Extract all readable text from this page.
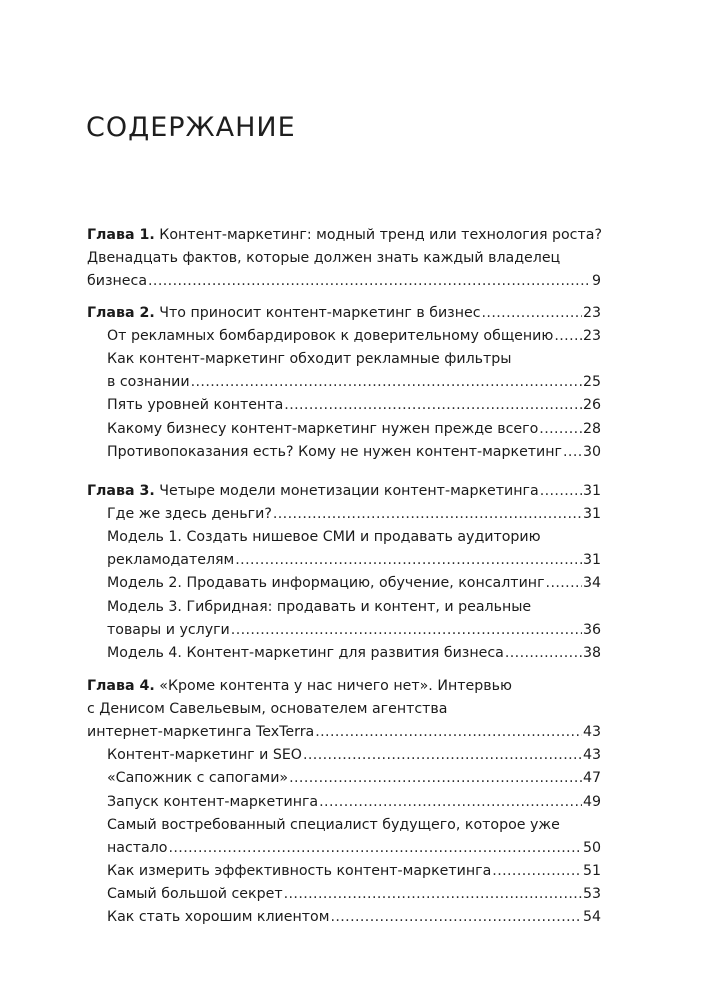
СОДЕРЖАНИЕ
Глава 1. Контент-маркетинг: модный тренд или технология роста?
Двенадцать фактов, которые должен знать каждый владелец
бизнеса .....	9
Глава 2. Что приносит контент-маркетинг в бизнес .....	23
От рекламных бомбардировок к доверительному общению ..... 23
Как контент-маркетинг обходит рекламные фильтры
в сознании .....	25
Пять уровней контента .....	26
Какому бизнесу контент-маркетинг нужен прежде всего .....	28
Противопоказания есть? Кому не нужен контент-маркетинг ..... 30
Глава 3. Четыре модели монетизации контент-маркетинга .....	31
Где же здесь деньги? .....	31
Модель 1. Создать нишевое СМИ и продавать аудиторию
рекламодателям .....	31
Модель 2. Продавать информацию, обучение, консалтинг .....	34
Модель 3. Гибридная: продавать и контент, и реальные
товары и услуги .....	36
Модель 4. Контент-маркетинг для развития бизнеса .....	38
Глава 4. «Кроме контента у нас ничего нет». Интервью
с Денисом Савельевым, основателем агентства
интернет-маркетинга TexTerra .....	43
Контент-маркетинг и SEO .....	43
«Сапожник с сапогами» .....	47
Запуск контент-маркетинга .....	49
Самый востребованный специалист будущего, которое уже
настало .....	50
Как измерить эффективность контент-маркетинга .....	51
Самый большой секрет .....	53
Как стать хорошим клиентом .....	54
